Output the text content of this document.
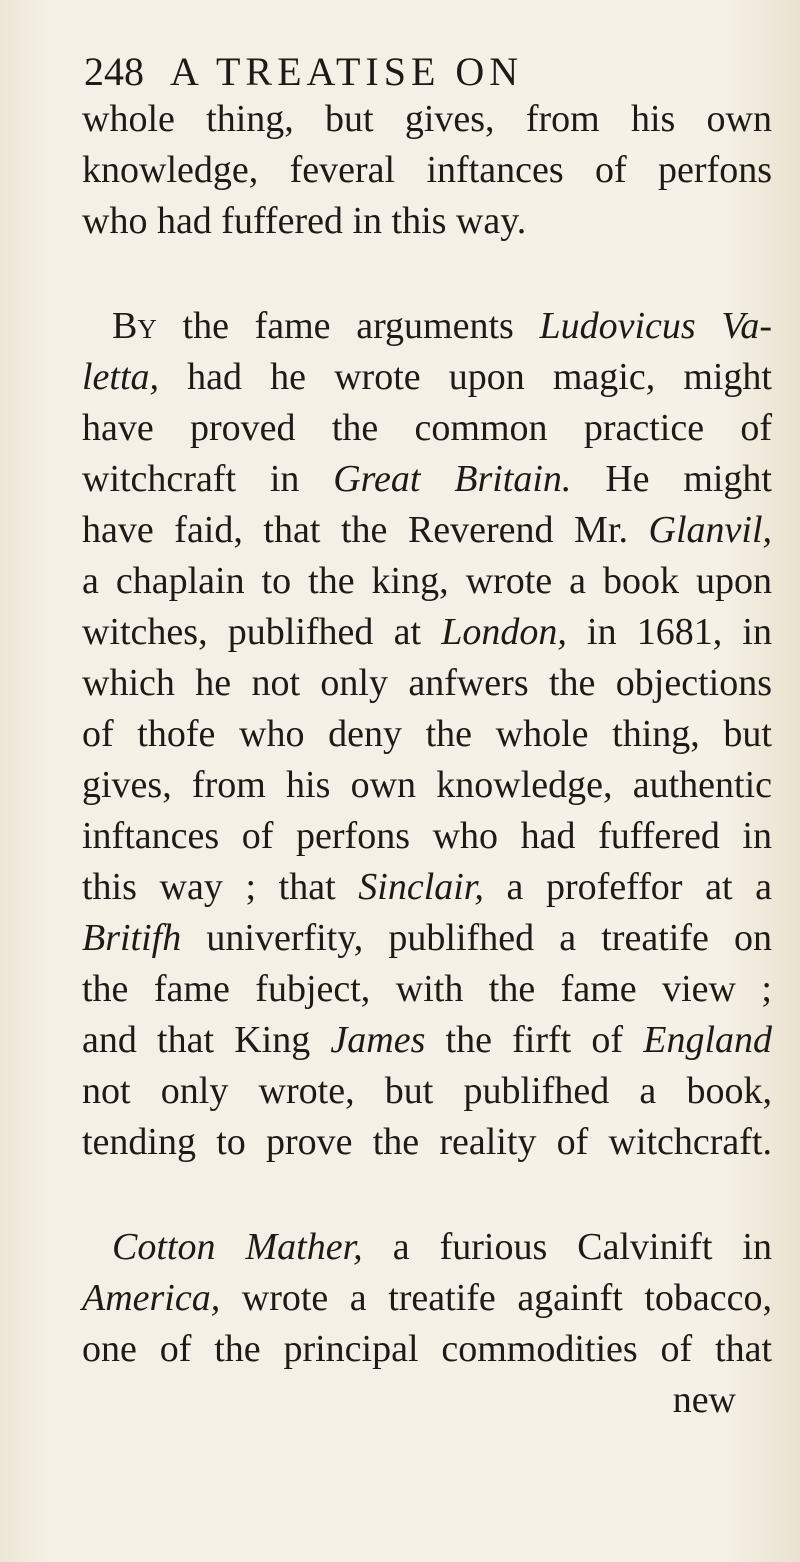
248 A TREATISE ON
whole thing, but gives, from his own
knowledge, feveral inftances of perfons
who had fuffered in this way.
By the fame arguments Ludovicus Va-
letta, had he wrote upon magic, might
have proved the common practice of
witchcraft in Great Britain. He might
have faid, that the Reverend Mr. Glanvil,
a chaplain to the king, wrote a book upon
witches, publifhed at London, in 1681, in
which he not only anfwers the objections
of thofe who deny the whole thing, but
gives, from his own knowledge, authentic
inftances of perfons who had fuffered in
this way ; that Sinclair, a profeffor at a
Britifh univerfity, publifhed a treatife on
the fame fubject, with the fame view ;
and that King James the firft of England
not only wrote, but publifhed a book,
tending to prove the reality of witchcraft.
Cotton Mather, a furious Calvinift in
America, wrote a treatife againft tobacco,
one of the principal commodities of that
new
